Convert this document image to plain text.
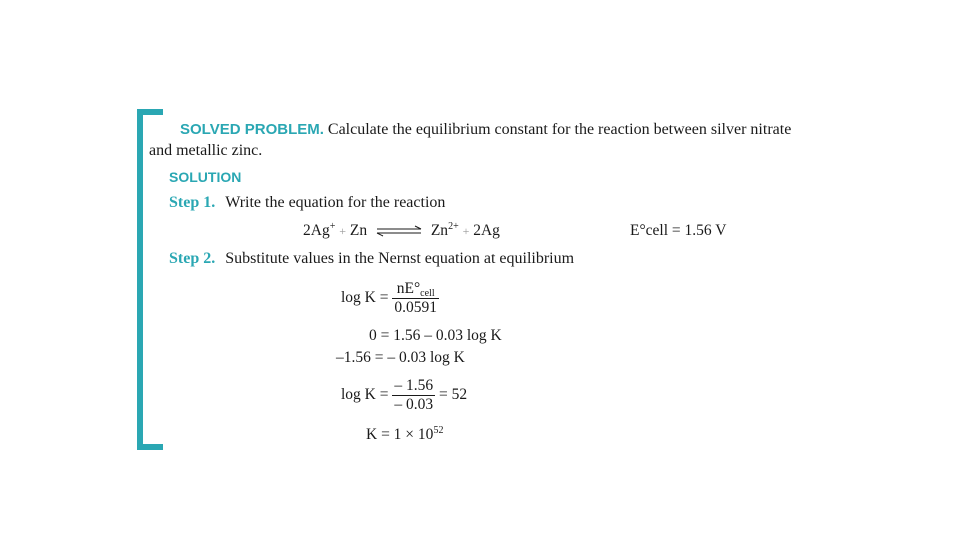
SOLVED PROBLEM. Calculate the equilibrium constant for the reaction between silver nitrate
and metallic zinc.
SOLUTION
Step 1. Write the equation for the reaction
2Ag+ + Zn ⇌ $Zn^{2+} + 2Ag$	E°cell = 1.56 V
Step 2. Substitute values in the Nernst equation at equilibrium
$\log K = \frac{nE^\circ_{cell}}{0.0591}$
0 = 1.56 – 0.03 log K
–1.56 = – 0.03 log K
$\log K = \frac{- 1.56}{- 0.03} = 52$
$K = 1 \times 10^{52}$
